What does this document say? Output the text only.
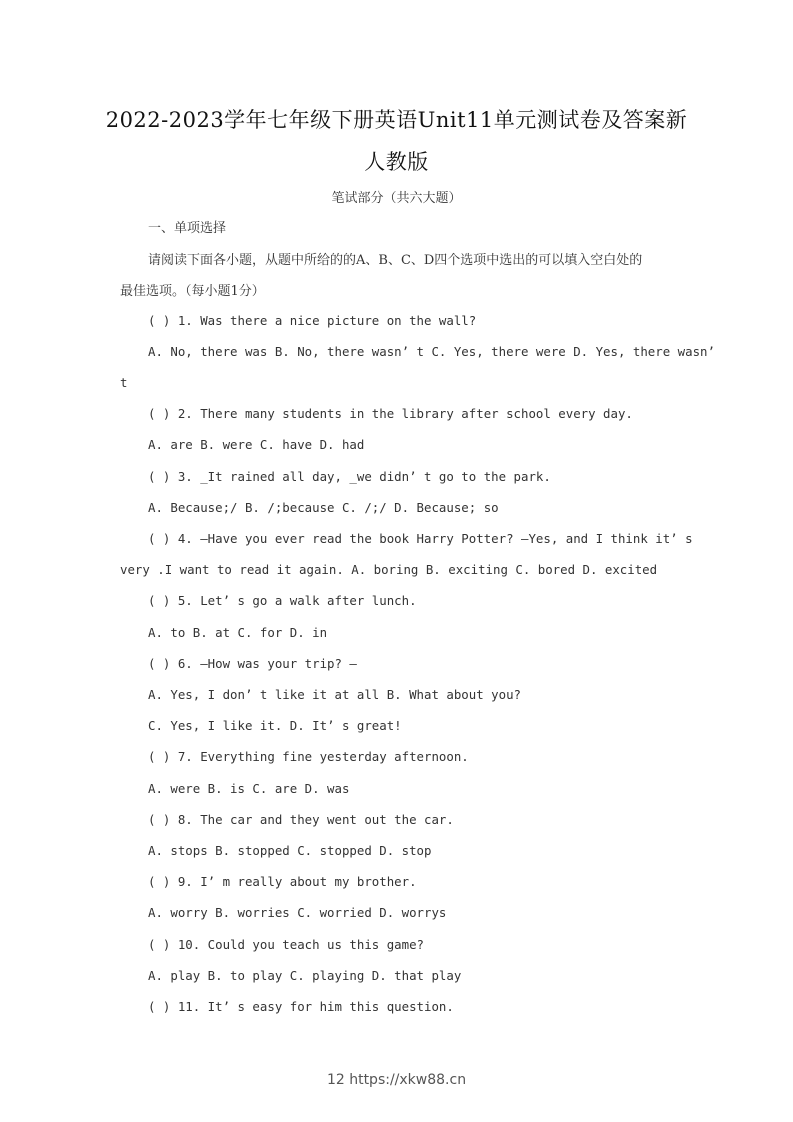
2022-2023学年七年级下册英语Unit11单元测试卷及答案新
人教版
笔试部分（共六大题）
一、单项选择
请阅读下面各小题，从题中所给的的A、B、C、D四个选项中选出的可以填入空白处的
最佳选项。（每小题1分）
( ) 1. Was there a nice picture on the wall?
A. No, there was B. No, there wasn’ t C. Yes, there were D. Yes, there wasn’
t
( ) 2. There many students in the library after school every day.
A. are B. were C. have D. had
( ) 3. _It rained all day, _we didn’ t go to the park.
A. Because;/ B. /;because C. /;/ D. Because; so
( ) 4. —Have you ever read the book Harry Potter? —Yes, and I think it’ s
very .I want to read it again. A. boring B. exciting C. bored D. excited
( ) 5. Let’ s go a walk after lunch.
A. to B. at C. for D. in
( ) 6. —How was your trip? —
A. Yes, I don’ t like it at all B. What about you?
C. Yes, I like it. D. It’ s great!
( ) 7. Everything fine yesterday afternoon.
A. were B. is C. are D. was
( ) 8. The car and they went out the car.
A. stops B. stopped C. stopped D. stop
( ) 9. I’ m really about my brother.
A. worry B. worries C. worried D. worrys
( ) 10. Could you teach us this game?
A. play B. to play C. playing D. that play
( ) 11. It’ s easy for him this question.
12 https://xkw88.cn
